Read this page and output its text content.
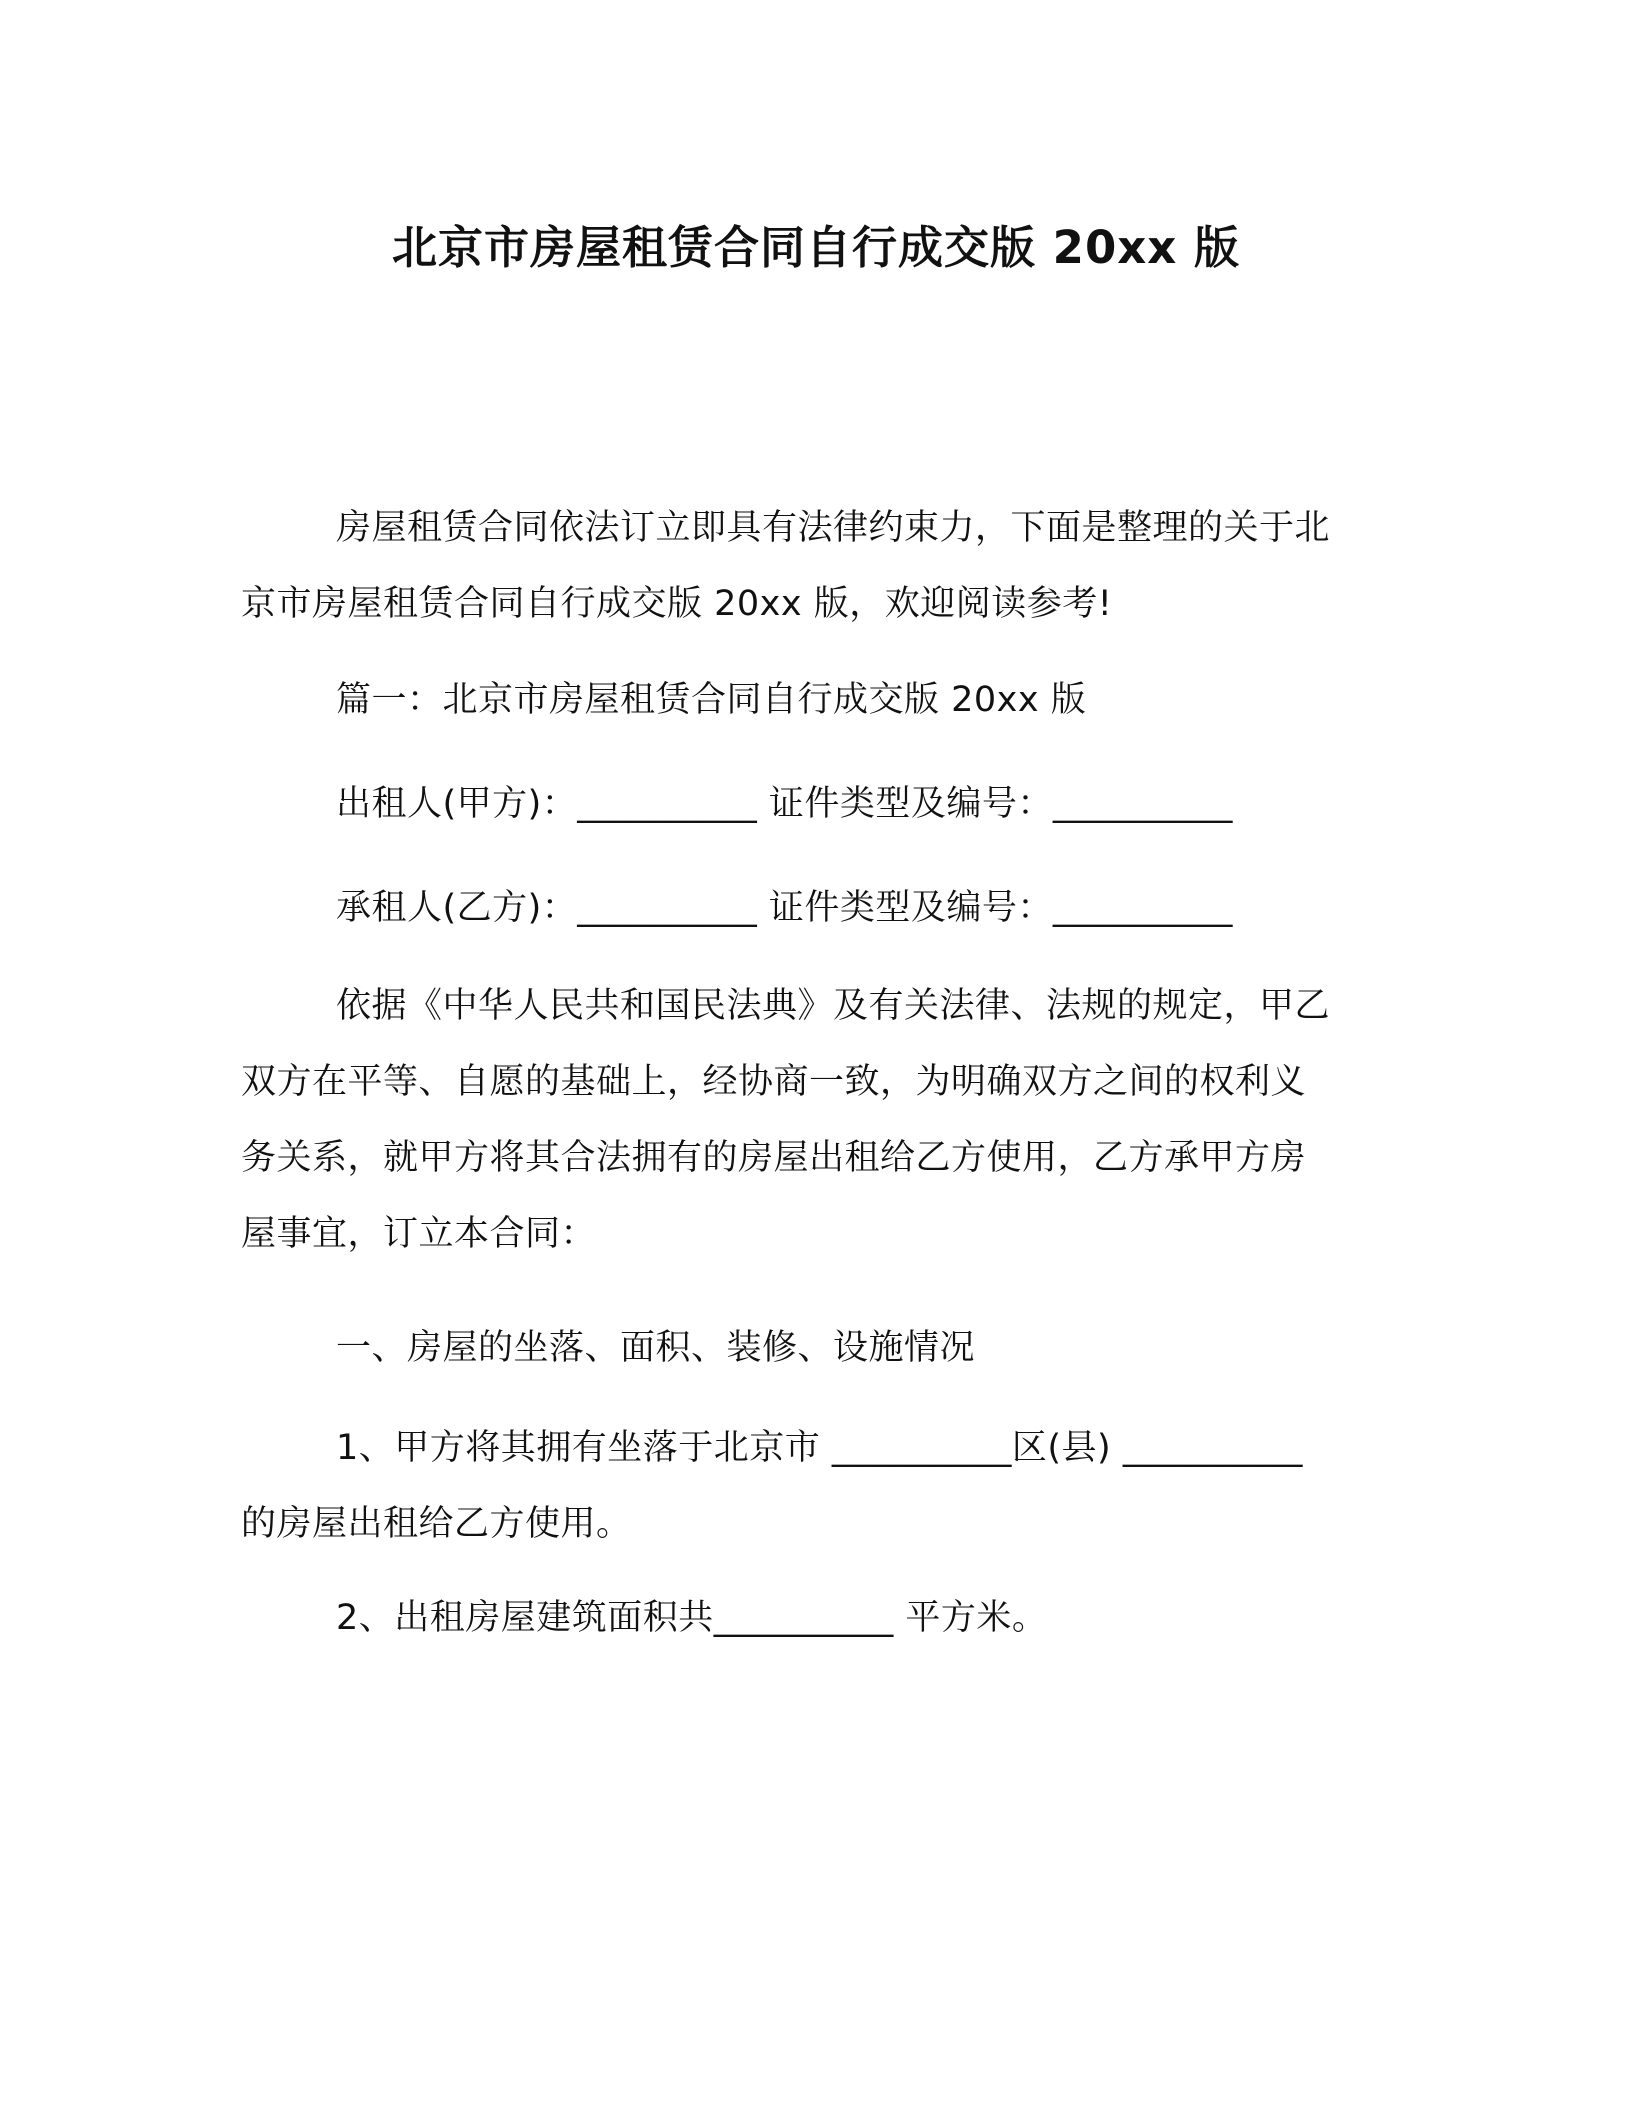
北京市房屋租赁合同自行成交版 20xx 版
房屋租赁合同依法订立即具有法律约束力，下面是整理的关于北
京市房屋租赁合同自行成交版 20xx 版，欢迎阅读参考!
篇一：北京市房屋租赁合同自行成交版 20xx 版
出租人(甲方)：__________ 证件类型及编号：__________
承租人(乙方)：__________ 证件类型及编号：__________
依据《中华人民共和国民法典》及有关法律、法规的规定，甲乙
双方在平等、自愿的基础上，经协商一致，为明确双方之间的权利义
务关系，就甲方将其合法拥有的房屋出租给乙方使用，乙方承甲方房
屋事宜，订立本合同：
一、房屋的坐落、面积、装修、设施情况
1、甲方将其拥有坐落于北京市 __________区(县) __________
的房屋出租给乙方使用。
2、出租房屋建筑面积共__________ 平方米。
